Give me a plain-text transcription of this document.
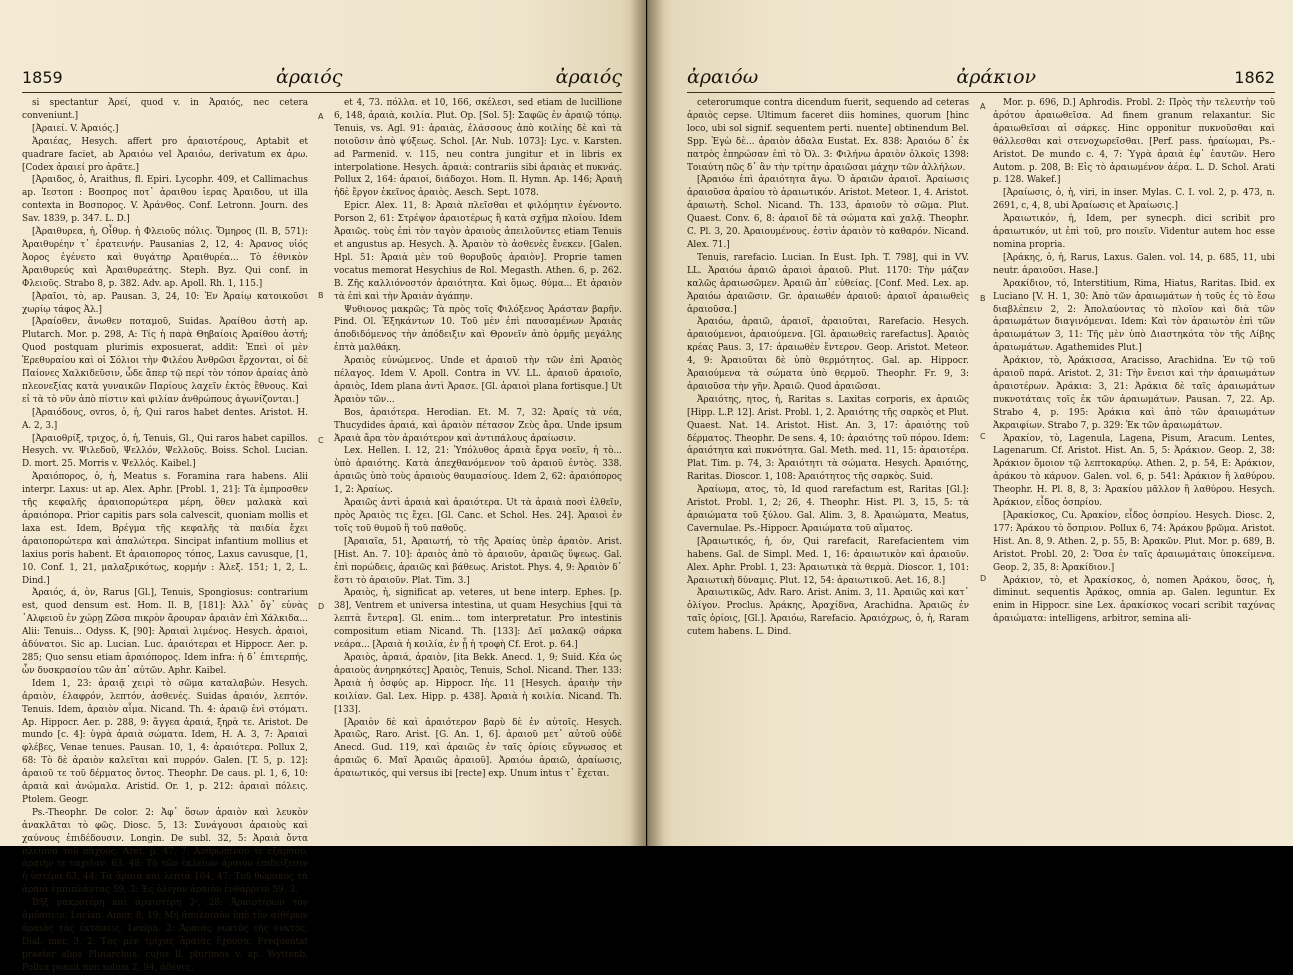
1859	ἀραιός	ἀραιός

si spectantur Ἀρεί, quod v. in Ἀραιός, nec cetera conveniunt.]

[Ἀραιεί. V. Ἀραιός.]

Ἀραιέας, Hesych. affert pro ἀραιοτέρους, Aptabit et quadrare faciet, ab Ἀραιόω vel Ἀραιόω, derivatum ex ἀρω. [Codex ἀραιεί pro ἀρᾶτε.]

[Ἀραιδος, ὁ, Araithus, ﬂ. Epiri. Lycophr. 409, et Callimachus ap. Ἰεστοπ : Βοσπρος ποτ᾽ ἀραιθου ἱερας Ἀραιδου, ut illa contexta in Βοσπορος. V. Ἀράνθος. Conf. Letronn. Journ. des Sav. 1839, p. 347. L. D.]

[Ἀραιθυρεα, ἡ, Oἶθυρ. ἡ Φλειοῦς πόλις. Ὅμηρος (Il. B, 571): Ἀραιθυρέην τ᾽ ἐρατεινήν. Pausanias 2, 12, 4: Ἀρανος υἱός Ἀορος ἐγένετο καὶ θυγάτηρ Ἀραιθυρέα... Τὸ ἐθνικὸν Ἀραιθυρεύς καὶ Ἀραιθυρεάτης. Steph. Byz. Qui conf. in Φλειοῦς. Strabo 8, p. 382. Adv. ap. Apoll. Rh. 1, 115.]

[Ἀραῖοι, τὸ, ap. Pausan. 3, 24, 10: Ἐν Ἀραίῳ κατοικοῦσι χωρίῳ τάφος Ἀλ.]

[Ἀραίοθεν, ἄνωθεν ποταμοῦ, Suidas. Ἀραίθου ἀστὴ ap. Plutarch. Mor. p. 298, A: Τίς ἡ παρὰ Θηβαίοις Ἀραίθου ἀστή; Quod postquam plurimis exposuerat, addit: Ἐπεὶ οἱ μὲν Ἐρεθυραίου καὶ οἱ Σόλιοι τὴν Φιλέου Ἀνθρῶσι ἔρχονται, οἱ δὲ Παίονες Χαλκιδεῦσιν, ὧδε ἄπερ τῷ περί τὸν τόπον ἀραίας ἀπὸ πλεονεξίας κατὰ γυναικῶν Παρίους λαχεῖν ἐκτὸς ἔθνους. Καὶ εἰ τὰ τὸ νῦν ἀπὸ πίστιν καὶ φιλίαν ἀνθρώπους ἀγωνίζονται.]

[Ἀραιόδους, ovros, ὁ, ἡ, Qui raros habet dentes. Aristot. H. A. 2, 3.]

[Ἀραιοθρίξ, τριχος, ὁ, ἡ, Tenuis, Gl., Qui raros habet capillos. Hesych. vv. Ψιλεδοῦ, Ψελλόν, Ψελλοῦς. Boiss. Schol. Lucian. D. mort. 25. Morris v. Ψελλός. Kaibel.]

Ἀραιόπορος, ὁ, ἡ, Meatus s. Foramina rara habens. Alii interpr. Laxus: ut ap. Alex. Aphr. [Probl. 1, 21]: Τὰ ἐμπροσθεν τῆς κεφαλῆς ἀραιοπορώτερα μέρη, ὅθεν μαλακὰ καὶ ἀραιόπορα. Prior capitis pars sola calvescit, quoniam mollis et laxa est. Idem, Βρέγμα τῆς κεφαλῆς τὰ παιδία ἔχει ἀραιοπορώτερα καὶ ἀπαλώτερα. Sincipat infantium mollius et laxius poris habent. Et ἀραιοπορος τόπος, Laxus cavusque, [1, 10. Conf. 1, 21, μαλαξρικότως, κορμήν : Ἀλεξ. 151; 1, 2, L. Dind.]

Ἀραιός, ά, ὸν, Rarus [Gl.], Tenuis, Spongiosus: contrarium est, quod densum est. Hom. Il. B, [181]: Ἀλλ᾽ ὄγ᾽ εὐνὰς ᾽Αλφειοῦ ἐν χώρῃ Ζῶσα πικρὸν ἄρουραν ἀραιὰν ἐπὶ Χάλκιδα... Alii: Tenuis... Odyss. K, [90]: Ἀραιαὶ λιμένος. Hesych. ἀραιοὶ, ἀδύνατοι. Sic ap. Lucian. Luc. ἀραιότεραι et Hippocr. Aer. p. 285; Quo sensu etiam ἀραιόπορος. Idem infra: ἡ δ᾽ ἐπιτερπής, ὧν δυσκρασίου τῶν ἀπ᾽ αὐτῶν. Aphr. Kaibel.

Idem 1, 23: ἀραιᾷ χειρὶ τὸ σῶμα καταλαβών. Hesych. ἀραιὸν, ἐλαφρόν, λεπτόν, ἀσθενές. Suidas ἀραιόν, λεπτόν. Tenuis. Idem, ἀραιὸν αἷμα. Nicand. Th. 4: ἀραιῷ ἐνὶ στόματι. Ap. Hippocr. Aer. p. 288, 9: ἄγγεα ἀραιά, ξηρὰ τε. Aristot. De mundo [c. 4]: ὑγρὰ ἀραιὰ σώματα. Idem, H. A. 3, 7: Ἀραιαὶ φλέβες, Venae tenues. Pausan. 10, 1, 4: ἀραιότερα. Pollux 2, 68: Τὸ δὲ ἀραιὸν καλεῖται καὶ πυρρόν. Galen. [T. 5, p. 12]: ἀραιοῦ τε τοῦ δέρματος ὄντος. Theophr. De caus. pl. 1, 6, 10: ἀραιὰ καὶ ἀνώμαλα. Aristid. Or. 1, p. 212: ἀραιαὶ πόλεις. Ptolem. Geogr.

Ps.-Theophr. De color. 2: Ἀφ᾽ ὅσων ἀραιὸν καὶ λευκὸν ἀνακλᾶται τὸ φῶς. Diosc. 5, 13: Συνάγουσι ἀραιοὺς καὶ χαύνους ἐπιδέδουσιν. Longin. De subl. 32, 5: Ἀραιὰ ὄντα πλείονα τοῦ πάχους. Aret. p. 47, 7: Ἀνθρωπίνου τε ἐξάρσου, ἀραιὴν τε ταχεῖαν. 63, 48: Τὸ τῶν ἐκλείων ἀραιὸν ἐπιδείξεσιν ἡ ὑστέρα 63, 44: Τὰ ἀραιὰ καὶ λεπτὰ 104, 47: Τοῦ θώρακος τὰ ἀραιὰ ἐμπιπλάντας 59, 3: Ἐς ὀλίγον ἀραιὸν ἐνθάρρειν 59, 3.

Βῆξ μακροτέρη καὶ ἀραιοτέρη 3ᵃ, 28: Ἀραιοτέρων τὸν ἀμύσσειν. Lucian. Amor. 8, 19: Μὴ ἀπολοιπὸν ὑπὸ τὸν αἰθέρων ἀραιὰς τὰς ἐκτάσεις. Lexiph. 2: Ἀραιὰς νυκτὸς τῆς νυκτὸς. Dial. mer. 3, 2: Τὰς μὲν τρίχας ἀραιὰς ἔχουσα. Frequentat praeter alios Plutarchus, cujus ll. plurimos v. ap. Wyttenb. Pollux posuit non solum 2, 94, ἀδένες.

et 4, 73. πόλλα. et 10, 166, σκέλεσι, sed etiam de lucillione 6, 148, ἀραιὰ, κοιλία. Plut. Op. [Sol. 5]: Σαφῶς ἐν ἀραιῷ τόπῳ. Tenuis, vs. Agl. 91: ἀραιὰς, ἐλάσσους ἀπὸ κοιλίης δὲ καὶ τὰ ποιοῦσιν ἀπὸ ψύξεως. Schol. [Ar. Nub. 1073]: Lyc. v. Karsten. ad Parmenid. v. 115, neu contra jungitur et in libris ex interpolatione. Hesych. ἀραιὰ: contrariis sibi ἀραιὰς et πυκνάς. Pollux 2, 164: ἀραιοί, διάδοχοι. Hom. Il. Hymn. Ap. 146; Ἀραιὴ ἠδὲ ἔργον ἐκεῖνος ἀραιὸς. Aesch. Sept. 1078.

Epicr. Alex. 11, 8: Ἀραιὰ πλεῖσθαι et φιλόμητιν ἐγένοντο. Porson 2, 61: Στρέψον ἀραιοτέρως ἢ κατὰ σχῆμα πλοίου. Idem Ἀραιῶς. τοὺς ἐπὶ τὸν ταγὸν ἀραιοὺς ἀπειλοῦντες etiam Tenuis et angustus ap. Hesych. ᾈ. Ἀραιὸν τὸ ἀσθενὲς ἔνεκεν. [Galen. Hpl. 51: Ἀραιὰ μὲν τοῦ θορυβοῦς ἀραιὸν]. Proprie tamen vocatus memorat Hesychius de Rol. Megasth. Athen. 6, p. 262. B. Ζῆς καλλιόνοστόν ἀραιότητα. Καὶ ὅμως. θύμα... Et ἀραιὸν τὰ ἐπὶ καὶ τὴν Ἀραιὰν ἀγάπην.

Ψυθιονος μακρῶς; Τὰ πρὸς τοῖς Φιλόξενος Ἀράσταν βαρῆν. Pind. Ol. Ἐξηκάντων 10. Τοῦ μὲν ἐπὶ παυσαμένων Ἀραιὰς ἀποδιδόμενος τὴν ἀπόδειξιν καὶ Θρονεῖν ἀπὸ ὁρμῆς μεγάλης ἑπτὰ μαλθάκη.

Ἀραιὸς εὐνώμενος. Unde et ἀραιοῦ τὴν τῶν ἐπὶ Ἀραιὸς πέλαγος. Idem V. Apoll. Contra in VV. LL. ἀραιοῦ ἀραιοῖο, ἀραιὸς, Idem plana ἀντὶ Ἀρασε. [Gl. ἀραιοὶ plana fortisque.] Ut Ἀραιὸν τῶν...

Bos, ἀραιότερα. Herodian. Et. M. 7, 32: Ἀραίς τὰ νέα, Thucydides ἀραιά, καὶ ἀραιὸν πέτασον Ζεὺς ἄρα. Unde ipsum Ἀραιὰ ἄρα τὸν ἀραιότερον καὶ ἀντιπάλους ἀραίωσιν.

Lex. Hellen. I. 12, 21: Ὑπόλυθος ἀραιὰ ἔργα νοεῖν, ἡ τὸ... ὑπὸ ἀραιότης. Κατὰ ἀπεχθανόμενον τοῦ ἀραιοῦ ἐντὸς. 338. ἀραιῶς ὑπὸ τοὺς ἀραιοὺς θαυμασίους. Idem 2, 62: ἀραιόπορος 1, 2: Ἀραίως.

Ἀραιῶς ἀντὶ ἀραιὰ καὶ ἀραιότερα. Ut τὰ ἀραιὰ ποσὶ ἐλθεῖν, πρὸς Ἀραιὸς τις ἔχει. [Gl. Canc. et Schol. Hes. 24]. Ἀραιοὶ ἐν τοῖς τοῦ θυμοῦ ἢ τοῦ παθοῦς.

[Ἀραιαῖα, 51, Ἀραιωτή, τὸ τῆς Ἀραίας ὑπὲρ ἀραιὸν. Arist. [Hist. An. 7. 10]: ἀραιὸς ἀπὸ τὸ ἀραιοῦν, ἀραιῶς ὕψεως. Gal. ἐπὶ πορώδεις, ἀραιῶς καὶ βάθεως. Aristot. Phys. 4, 9: Ἀραιὸν δ᾽ ἔστι τὸ ἀραιοῦν. Plat. Tim. 3.]

Ἀραιὸς, ἡ, significat ap. veteres, ut bene interp. Ephes. [p. 38], Ventrem et universa intestina, ut quam Hesychius [qui τὰ λεπτὰ ἔντερα]. Gl. enim... tom interpretatur. Pro intestinis compositum etiam Nicand. Th. [133]: Δεῖ μαλακῷ σάρκα νεάρα... [Ἀραιὰ ἡ κοιλία, ἐν ᾗ ἡ τροφὴ Cf. Erot. p. 64.]

Ἀραιὸς, ἀραιά, ἀραιὸν, [ita Bekk. Anecd. 1, 9; Suid. Κέα ὡς ἀραιοὺς ἀνηρηκότες] Ἀραιὸς, Tenuis, Schol. Nicand. Ther. 133: Ἀραιὰ ἡ ὀσφύς ap. Hippocr. Ιἡε. 11 [Hesych. ἀραιὴν τὴν κοιλίαν. Gal. Lex. Hipp. p. 438]. Ἀραιὰ ἡ κοιλία. Nicand. Th. [133].

[Ἀραιὸν δὲ καὶ ἀραιότερον βαρὺ δὲ ἐν αὐτοῖς. Hesych. Ἀραιῶς, Raro. Arist. [G. An. 1, 6]. ἀραιοῦ μετ᾽ αὐτοῦ οὐδὲ Anecd. Gud. 119, καὶ ἀραιῶς ἐν ταῖς ὁρίοις εὔγνωσος et ἀραιῶς 6. Μαϊ Ἀραιῶς ἀραιοῦ]. Ἀραιόω ἀραιῶ, ἀραίωσις, ἀραιωτικός, qui versus ibi [recte] exp. Unum intus τ᾽ ἔχεται.

A
B
C
D
ἀραιόω	ἀράκιον	1862

ceterorumque contra dicendum fuerit, sequendo ad ceteras ἀραιὸς cepse. Ultimum faceret diis homines, quorum [hinc loco, ubi sol signif. sequentem perti. nuente] obtinendum Bel. Spp. Ἐγὼ δὲ... ἀραιὸν ἀδαλα Eustat. Ex. 838: Ἀραιόω δ᾽ ἐκ πατρὸς ἐπηρώσαν ἐπὶ τὸ Ὀλ. 3: Φιλήνω ἀραιὸν ὀλκοὶς 1398: Τοιαύτη πῶς δ᾽ ἂν τὴν τρίτην ἀραιῶσαι μάχην τῶν ἀλλήλων.

[Ἀραιόω ἐπὶ ἀραιότητα ἄγω. Ὁ ἀραιῶν ἀραιοῖ. Ἀραίωσις ἀραιοῦσα ἀραίου τὸ ἀραιωτικόν. Aristot. Meteor. 1, 4. Aristot. ἀραιωτὴ. Schol. Nicand. Th. 133, ἀραιοῦν τὸ σῶμα. Plut. Quaest. Conv. 6, 8: ἀραιοῖ δὲ τὰ σώματα καὶ χαλᾷ. Theophr. C. Pl. 3, 20. Ἀραιουμένους. ἐστὶν ἀραιὸν τὸ καθαρόν. Nicand. Alex. 71.]

Tenuis, rarefacio. Lucian. In Eust. Iph. T. 798], qui in VV. LL. Ἀραιόω ἀραιῶ ἀραιοὶ ἀραιοῦ. Plut. 1170: Τὴν μάζαν καλῶς ἀραιωσῶμεν. Ἀραιῶ ἀπ᾽ εὐθείας. [Conf. Med. Lex. ap. Ἀραιόω ἀραιῶσιν. Gr. ἀραιωθέν ἀραιοῦ: ἀραιοῖ ἀραιωθεὶς ἀραιοῦσα.]

Ἀραιόω, ἀραιῶ, ἀραιοῖ, ἀραιοῦται, Rarefacio. Hesych. ἀραιούμενοι, ἀραιούμενα. [Gl. ἀραιωθεὶς rarefactus]. Ἀραιὸς κρέας Paus. 3, 17: ἀραιωθὲν ἔντερον. Geop. Aristot. Meteor. 4, 9: Ἀραιοῦται δὲ ὑπὸ θερμότητος. Gal. ap. Hippocr. Ἀραιούμενα τὰ σώματα ὑπὸ θερμοῦ. Theophr. Fr. 9, 3: ἀραιοῦσα τὴν γῆν. Ἀραιῶ. Quod ἀραιῶσαι.

Ἀραιότης, ητος, ἡ, Raritas s. Laxitas corporis, ex ἀραιῶς [Hipp. L.P. 12]. Arist. Probl. 1, 2. Ἀραιότης τῆς σαρκὸς et Plut. Quaest. Nat. 14. Aristot. Hist. An. 3, 17: ἀραιότης τοῦ δέρματος. Theophr. De sens. 4, 10: ἀραιότης τοῦ πόρου. Idem: ἀραιότητα καὶ πυκνότητα. Gal. Meth. med. 11, 15: ἀραιοτέρα. Plat. Tim. p. 74, 3: Ἀραιότητι τὰ σώματα. Hesych. Ἀραιότης, Raritas. Dioscor. 1, 108: Ἀραιότητος τῆς σαρκὸς. Suid.

Ἀραίωμα, ατος, τὸ, Id quod rarefactum est, Raritas [Gl.]: Aristot. Probl. 1, 2; 26, 4. Theophr. Hist. Pl. 3, 15, 5: τὰ ἀραιώματα τοῦ ξύλου. Gal. Alim. 3, 8. Ἀραιώματα, Meatus, Cavernulae. Ps.-Hippocr. Ἀραιώματα τοῦ αἵματος.

[Ἀραιωτικός, ἡ, όν, Qui rarefacit, Rarefacientem vim habens. Gal. de Simpl. Med. 1, 16: ἀραιωτικὸν καὶ ἀραιοῦν. Alex. Aphr. Probl. 1, 23: Ἀραιωτικὰ τὰ θερμὰ. Dioscor. 1, 101: Ἀραιωτικὴ δύναμις. Plut. 12, 54: ἀραιωτικοῦ. Aet. 16, 8.]

Ἀραιωτικῶς, Adv. Raro. Arist. Anim. 3, 11. Ἀραιῶς καὶ κατ᾽ ὀλίγον. Proclus. Ἀράκης, Ἀραχίδνα, Arachidna. Ἀραιῶς ἐν ταῖς ὁρίοις, [Gl.]. Ἀραιόω, Rarefacio. Ἀραιόχρως, ὁ, ἡ, Raram cutem habens. L. Dind.

Mor. p. 696, D.] Aphrodis. Probl. 2: Πρὸς τὴν τελευτὴν τοῦ ἀρότου ἀραιωθεῖσα. Ad finem granum relaxantur. Sic ἀραιωθεῖσαι αἱ σάρκες. Hinc opponitur πυκνοῦσθαι καὶ θάλλεσθαι καὶ στενοχωρεῖσθαι. [Perf. pass. ἠραίωμαι, Ps.-Aristot. De mundo c. 4, 7: Ὑγρὰ ἀραιὰ ἐφ᾽ ἑαυτῶν. Hero Autom. p. 208, B: Εἰς τὸ ἀραιωμένον ἀέρα. L. D. Schol. Arati p. 128. Wakef.]

[Ἀραίωσις, ὁ, ἡ, viri, in inser. Mylas. C. I. vol. 2, p. 473, n. 2691, c, 4, 8, ubi Ἀραίωσις et Ἀραίωσις.]

Ἀραιωτικόν, ἡ, Idem, per synecph. dici scribit pro ἀραιωτικόν, ut ἐπὶ τοῦ, pro ποιεῖν. Videntur autem hoc esse nomina propria.

[Ἀράκης, ὁ, ἡ, Rarus, Laxus. Galen. vol. 14, p. 685, 11, ubi neutr. ἀραιοῦσι. Hase.]

Ἀρακίδιον, τό, Interstitium, Rima, Hiatus, Raritas. Ibid. ex Luciano [V. H. 1, 30: Ἀπὸ τῶν ἀραιωμάτων ἡ τοῦς ἐς τὸ ἔσω διαβλέπειν 2, 2: Ἀπολαύοντας τὸ πλοῖον καὶ διὰ τῶν ἀραιωμάτων διαγινόμεναι. Idem: Καὶ τὸν ἀραιωτὸν ἐπὶ τῶν ἀραιωμάτων 3, 11: Τῆς μὲν ὑπὸ Διαστηκότα τὸν τῆς Λίβης ἀραιωμάτων. Agathemides Plut.]

Ἀράκιον, τὸ, Ἀράκισσα, Aracisso, Arachidna. Ἐν τῷ τοῦ ἀραιοῦ παρά. Aristot. 2, 31: Τὴν ἔνεισι καὶ τὴν ἀραιωμάτων ἀραιοτέρων. Ἀράκια: 3, 21: Ἀράκια δὲ ταῖς ἀραιωμάτων πυκνοτάταις τοῖς ἐκ τῶν ἀραιωμάτων. Pausan. 7, 22. Ap. Strabo 4, p. 195: Ἀράκια καὶ ἀπὸ τῶν ἀραιωμάτων Ἀκραιφίων. Strabo 7, p. 329: Ἐκ τῶν ἀραιωμάτων.

Ἀρακίον, τὸ, Lagenula, Lagena, Pisum, Aracum. Lentes, Lagenarum. Cf. Aristot. Hist. An. 5, 5: Ἀράκιον. Geop. 2, 38: Ἀράκιον ὅμοιον τῷ λεπτοκαρύῳ. Athen. 2, p. 54, E: Ἀράκιον, ἀράκου τὸ κάρυον. Galen. vol. 6, p. 541: Ἀράκιον ἢ λαθύρου. Theophr. H. Pl. 8, 8, 3: Ἀρακίου μᾶλλον ἢ λαθύρου. Hesych. Ἀράκιον, εἶδος ὀσπρίου.

[Ἀρακίσκος, Cu. Ἀρακίον, εἶδος ὀσπρίου. Hesych. Diosc. 2, 177: Ἀράκου τὸ ὄσπριον. Pollux 6, 74: Ἀράκου βρῶμα. Aristot. Hist. An. 8, 9. Athen. 2, p. 55, B: Ἀρακῶν. Plut. Mor. p. 689, B. Aristot. Probl. 20, 2: Ὅσα ἐν ταῖς ἀραιωμάταις ὑποκείμενα. Geop. 2, 35, 8: Ἀρακίδιον.]

Ἀράκιον, τὸ, et Ἀρακίσκος, ὁ, nomen Ἀράκου, ὅσος, ἡ, diminut. sequentis Ἀράκος, omnia ap. Galen. leguntur. Ex enim in Hippocr. sine Lex. ἀρακίσκος vocari scribit ταχύνας ἀραιώματα: intelligens, arbitror, semina ali-

A
B
C
D
